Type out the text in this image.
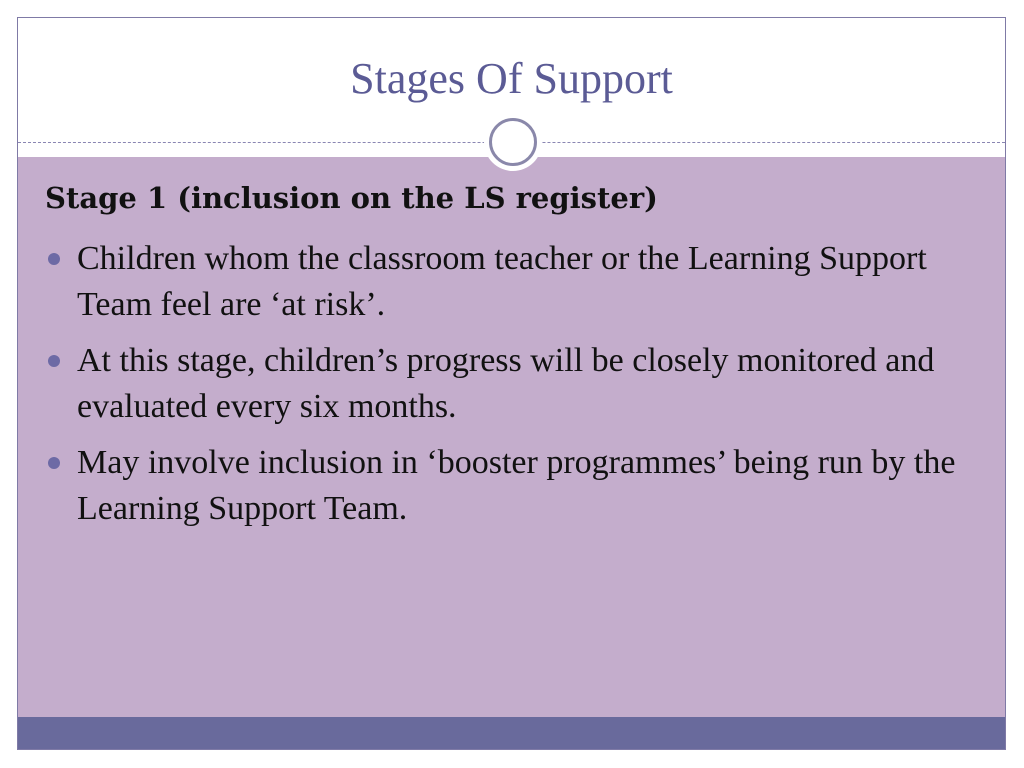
Stages Of Support
Stage 1 (inclusion on the LS register)
Children whom the classroom teacher or the Learning Support Team feel are ‘at risk’.
At this stage, children’s progress will be closely monitored and evaluated every six months.
May involve inclusion in ‘booster programmes’ being run by the Learning Support Team.
